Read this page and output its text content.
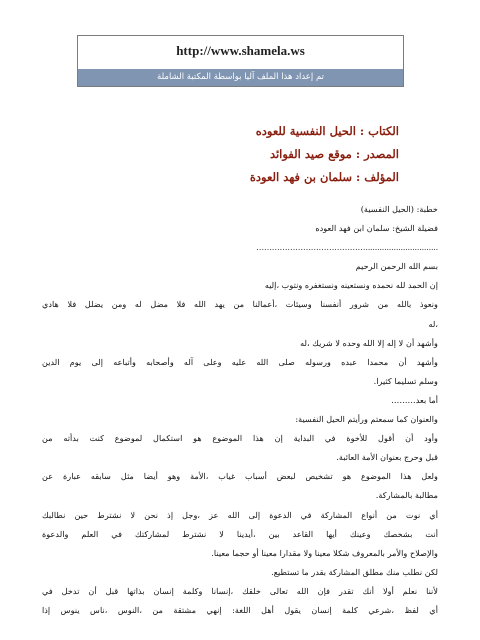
http://www.shamela.ws
تم إعداد هذا الملف آليا بواسطة المكتبة الشاملة
الكتاب : الحيل النفسية للعوده
المصدر : موقع صيد الفوائد
المؤلف : سلمان بن فهد العودة
خطبة: (الحيل النفسية)
فضيلة الشيخ: سلمان ابن فهد العوده
……………………………………...............................
بسم الله الرحمن الرحيم
إن الحمد لله نحمده ونستعينه ونستغفره ونتوب ،إليه
ونعوذ بالله من شرور أنفسنا وسيئات ،أعمالنا من يهد الله فلا مضل له ومن يضلل فلا هادي
،له
وأشهد أن لا إله إلا الله وحده لا شريك ،له
وأشهد أن محمدا عبده ورسوله صلى الله عليه وعلى آله وأصحابه وأتباعه إلى يوم الدين
وسلم تسليما كثيرا.
أما بعد………
والعنوان كما سمعتم ورأيتم الحيل النفسية:
وأود أن أقول للأخوة في البداية إن هذا الموضوع هو استكمال لموضوع كنت بدأته من
قبل وحرج بعنوان الأمة العائبة.
ولعل هذا الموضوع هو تشخيص لبعض أسباب غياب ،الأمة وهو أيضا مثل سابقه عبارة عن
مطالبة بالمشاركة.
أي نوت من أنواع المشاركة في الدعوة إلى الله عز ،وجل إذ نحن لا نشترط حين نطالبك
أنت بشخصك وعينك أيها القاعد بين ،أيدينا لا نشترط لمشاركتك في العلم والدعوة
والإصلاح والأمر بالمعروف شكلا معينا ولا مقدارا معينا أو حجما معينا.
لكن نطلب منك مطلق المشاركة بقدر ما تستطيع.
لأننا نعلم أولا أنك تقدر فإن الله تعالى خلقك ،إنسانا وكلمة إنسان بذاتها قبل أن تدخل في
أي لفظ ،شرعي كلمة إنسان يقول أهل اللغة: إنهي مشتقة من ،النوس ،ناس ينوس إذا
